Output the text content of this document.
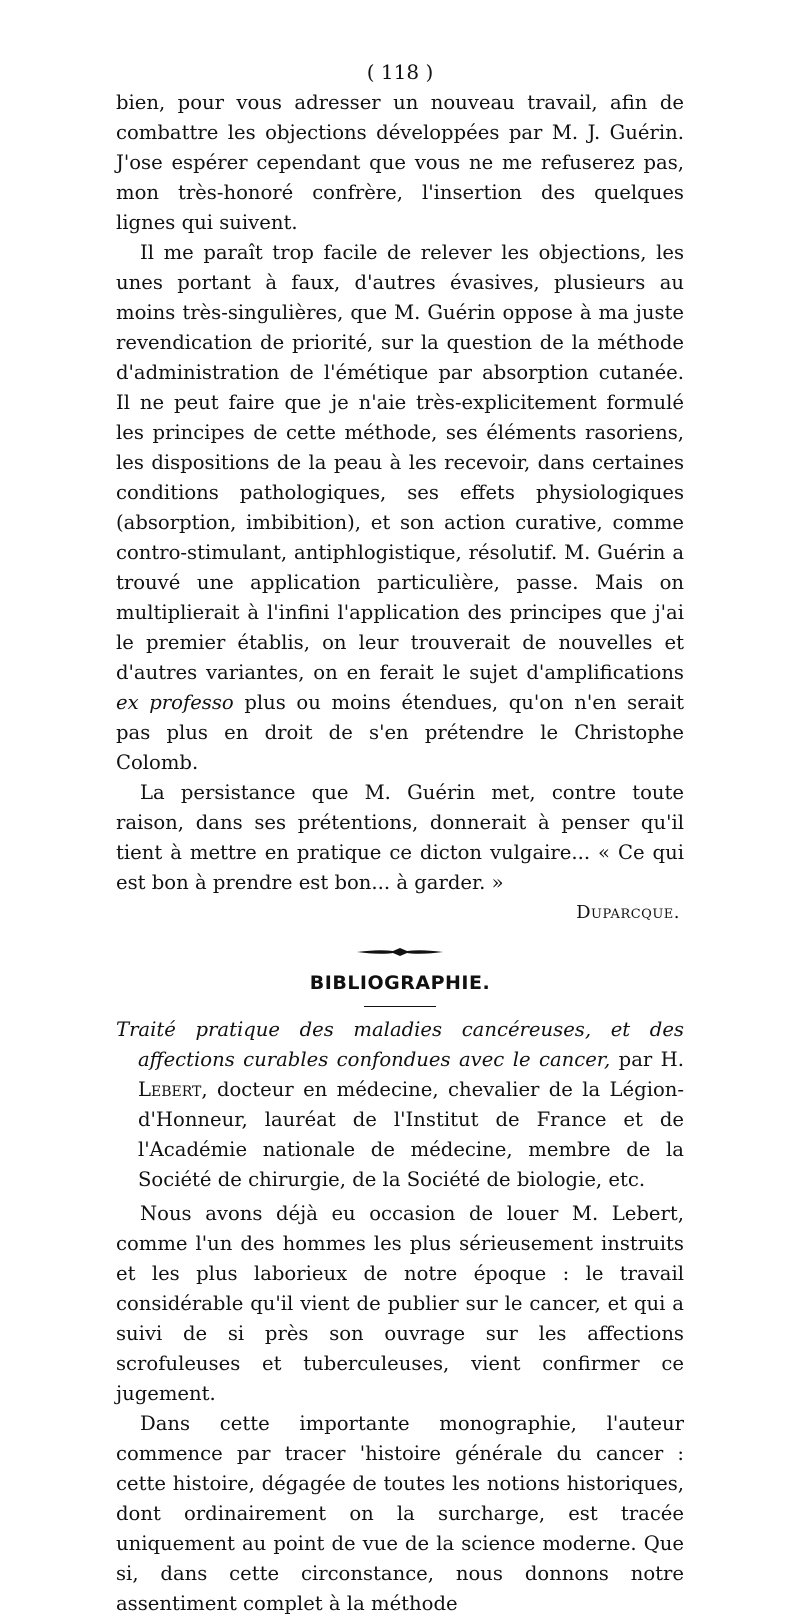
( 118 )

bien, pour vous adresser un nouveau travail, afin de combattre les objections développées par M. J. Guérin. J'ose espérer cependant que vous ne me refuserez pas, mon très-honoré confrère, l'insertion des quelques lignes qui suivent.

Il me paraît trop facile de relever les objections, les unes portant à faux, d'autres évasives, plusieurs au moins très-singulières, que M. Guérin oppose à ma juste revendication de priorité, sur la question de la méthode d'administration de l'émétique par absorption cutanée. Il ne peut faire que je n'aie très-explicitement formulé les principes de cette méthode, ses éléments rasoriens, les dispositions de la peau à les recevoir, dans certaines conditions pathologiques, ses effets physiologiques (absorption, imbibition), et son action curative, comme contro-stimulant, antiphlogistique, résolutif. M. Guérin a trouvé une application particulière, passe. Mais on multiplierait à l'infini l'application des principes que j'ai le premier établis, on leur trouverait de nouvelles et d'autres variantes, on en ferait le sujet d'amplifications ex professo plus ou moins étendues, qu'on n'en serait pas plus en droit de s'en prétendre le Christophe Colomb.

La persistance que M. Guérin met, contre toute raison, dans ses prétentions, donnerait à penser qu'il tient à mettre en pratique ce dicton vulgaire... « Ce qui est bon à prendre est bon... à garder. »

Duparcque.
BIBLIOGRAPHIE.

Traité pratique des maladies cancéreuses, et des affections curables confondues avec le cancer, par H. Lebert, docteur en médecine, chevalier de la Légion-d'Honneur, lauréat de l'Institut de France et de l'Académie nationale de médecine, membre de la Société de chirurgie, de la Société de biologie, etc.

Nous avons déjà eu occasion de louer M. Lebert, comme l'un des hommes les plus sérieusement instruits et les plus laborieux de notre époque : le travail considérable qu'il vient de publier sur le cancer, et qui a suivi de si près son ouvrage sur les affections scrofuleuses et tuberculeuses, vient confirmer ce jugement.

Dans cette importante monographie, l'auteur commence par tracer 'histoire générale du cancer : cette histoire, dégagée de toutes les notions historiques, dont ordinairement on la surcharge, est tracée uniquement au point de vue de la science moderne. Que si, dans cette circonstance, nous donnons notre assentiment complet à la méthode
